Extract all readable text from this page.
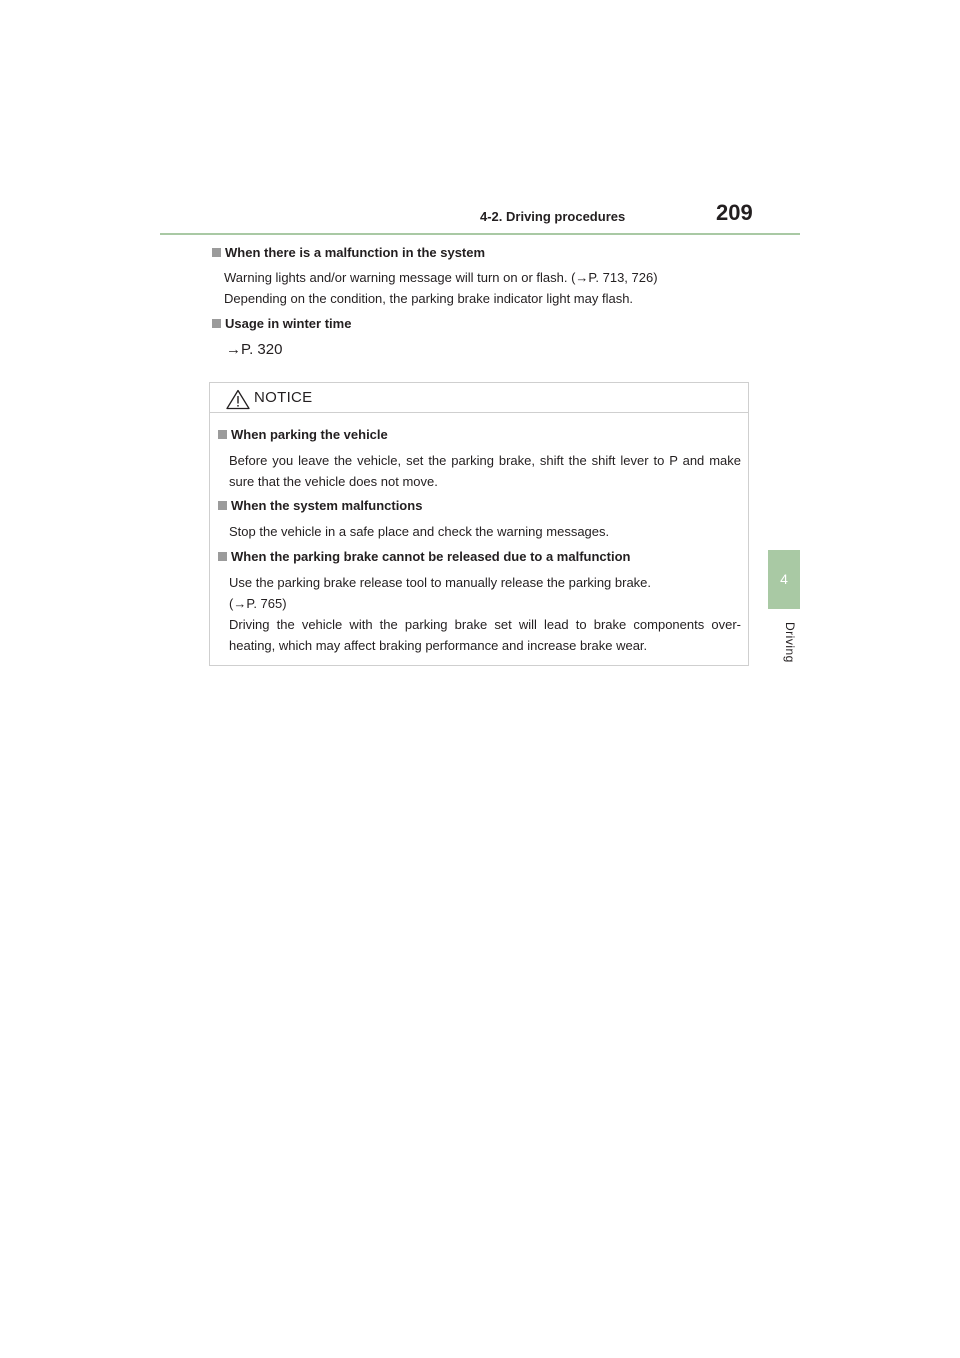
4-2. Driving procedures	209
4
Driving
When there is a malfunction in the system
Warning lights and/or warning message will turn on or flash. (→P. 713, 726)
Depending on the condition, the parking brake indicator light may flash.
Usage in winter time
→P. 320
NOTICE
When parking the vehicle
Before you leave the vehicle, set the parking brake, shift the shift lever to P and make sure that the vehicle does not move.
When the system malfunctions
Stop the vehicle in a safe place and check the warning messages.
When the parking brake cannot be released due to a malfunction
Use the parking brake release tool to manually release the parking brake.
(→P. 765)
Driving the vehicle with the parking brake set will lead to brake components over-heating, which may affect braking performance and increase brake wear.
